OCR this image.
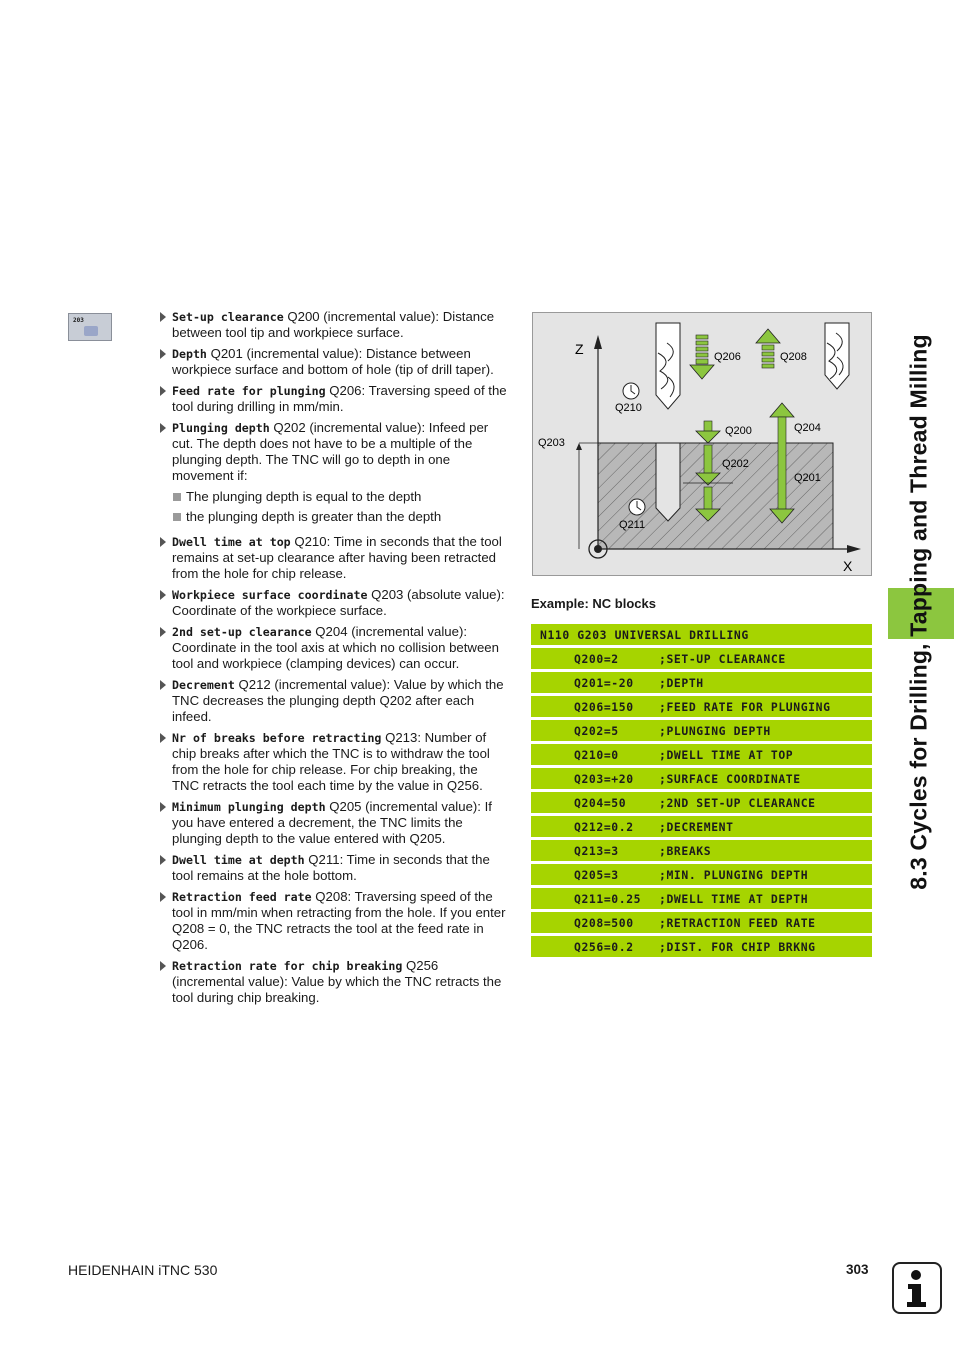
203	Set-up clearance Q200 (incremental value): Distance between tool tip and workpiece surface.
Depth Q201 (incremental value): Distance between workpiece surface and bottom of hole (tip of drill taper).
Feed rate for plunging Q206: Traversing speed of the tool during drilling in mm/min.
Plunging depth Q202 (incremental value): Infeed per cut. The depth does not have to be a multiple of the plunging depth. The TNC will go to depth in one movement if:
The plunging depth is equal to the depth
the plunging depth is greater than the depth
Dwell time at top Q210: Time in seconds that the tool remains at set-up clearance after having been retracted from the hole for chip release.
Workpiece surface coordinate Q203 (absolute value): Coordinate of the workpiece surface.
2nd set-up clearance Q204 (incremental value): Coordinate in the tool axis at which no collision between tool and workpiece (clamping devices) can occur.
Decrement Q212 (incremental value): Value by which the TNC decreases the plunging depth Q202 after each infeed.
Nr of breaks before retracting Q213: Number of chip breaks after which the TNC is to withdraw the tool from the hole for chip release. For chip breaking, the TNC retracts the tool each time by the value in Q256.
Minimum plunging depth Q205 (incremental value): If you have entered a decrement, the TNC limits the plunging depth to the value entered with Q205.
Dwell time at depth Q211: Time in seconds that the tool remains at the hole bottom.
Retraction feed rate Q208: Traversing speed of the tool in mm/min when retracting from the hole. If you enter Q208 = 0, the TNC retracts the tool at the feed rate in Q206.
Retraction rate for chip breaking Q256 (incremental value): Value by which the TNC retracts the tool during chip breaking.
Z
X
Q203
Q206	Q208
Q210
Q200
Q202
Q204
Q201
Q211
Example: NC blocks
N110 G203 UNIVERSAL DRILLING
Q200=2	;SET-UP CLEARANCE
Q201=-20 ;DEPTH
Q206=150 ;FEED RATE FOR PLUNGING
Q202=5	;PLUNGING DEPTH
Q210=0	;DWELL TIME AT TOP
Q203=+20 ;SURFACE COORDINATE
Q204=50	;2ND SET-UP CLEARANCE
Q212=0.2 ;DECREMENT
Q213=3	;BREAKS
Q205=3	;MIN. PLUNGING DEPTH
Q211=0.25 ;DWELL TIME AT DEPTH
Q208=500 ;RETRACTION FEED RATE
Q256=0.2 ;DIST. FOR CHIP BRKNG
8.3 Cycles for Drilling, Tapping and Thread Milling
HEIDENHAIN iTNC 530	303
